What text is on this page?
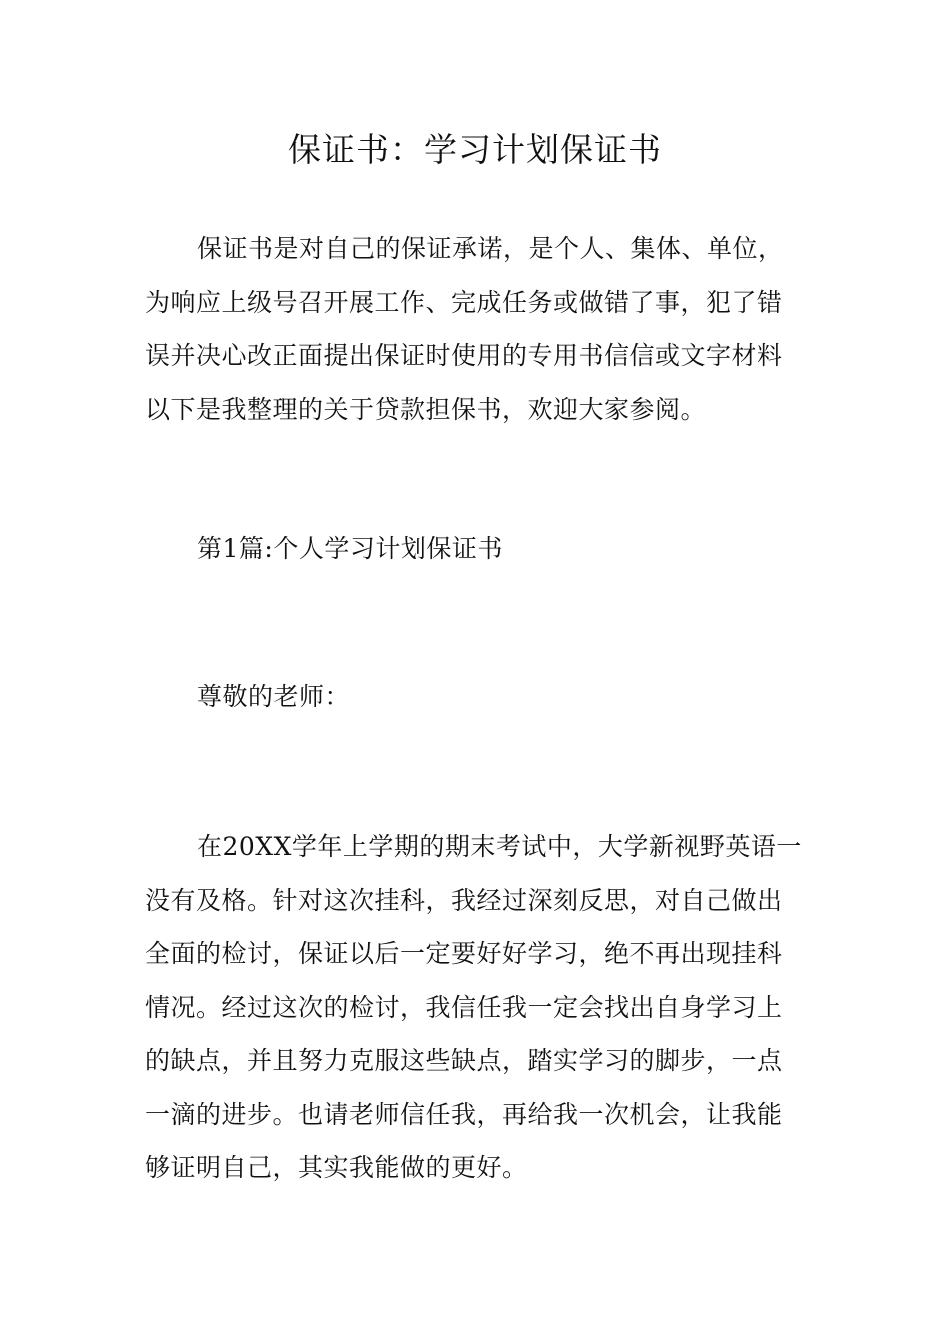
保证书：学习计划保证书

保证书是对自己的保证承诺，是个人、集体、单位，为响应上级号召开展工作、完成任务或做错了事，犯了错误并决心改正面提出保证时使用的专用书信信或文字材料以下是我整理的关于贷款担保书，欢迎大家参阅。

第1篇:个人学习计划保证书

尊敬的老师：

在20XX学年上学期的期末考试中，大学新视野英语一没有及格。针对这次挂科，我经过深刻反思，对自己做出全面的检讨，保证以后一定要好好学习，绝不再出现挂科情况。经过这次的检讨，我信任我一定会找出自身学习上的缺点，并且努力克服这些缺点，踏实学习的脚步，一点一滴的进步。也请老师信任我，再给我一次机会，让我能够证明自己，其实我能做的更好。
